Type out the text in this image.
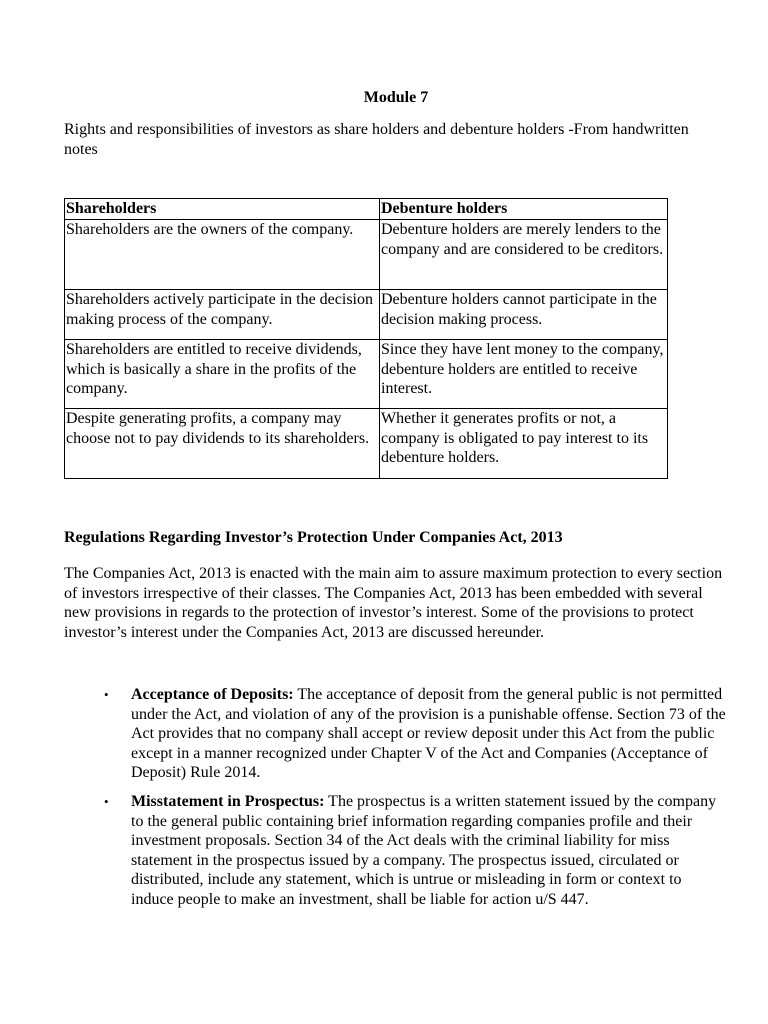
Module 7

Rights and responsibilities of investors as share holders and debenture holders -From handwritten notes

Shareholders	Debenture holders
Shareholders are the owners of the company.	Debenture holders are merely lenders to the company and are considered to be creditors.
Shareholders actively participate in the decision making process of the company.	Debenture holders cannot participate in the decision making process.
Shareholders are entitled to receive dividends, which is basically a share in the profits of the company.	Since they have lent money to the company, debenture holders are entitled to receive interest.
Despite generating profits, a company may choose not to pay dividends to its shareholders.	Whether it generates profits or not, a company is obligated to pay interest to its debenture holders.
Regulations Regarding Investor’s Protection Under Companies Act, 2013

The Companies Act, 2013 is enacted with the main aim to assure maximum protection to every section of investors irrespective of their classes. The Companies Act, 2013 has been embedded with several new provisions in regards to the protection of investor’s interest. Some of the provisions to protect investor’s interest under the Companies Act, 2013 are discussed hereunder.

• Acceptance of Deposits: The acceptance of deposit from the general public is not permitted under the Act, and violation of any of the provision is a punishable offense. Section 73 of the Act provides that no company shall accept or review deposit under this Act from the public except in a manner recognized under Chapter V of the Act and Companies (Acceptance of Deposit) Rule 2014.
• Misstatement in Prospectus: The prospectus is a written statement issued by the company to the general public containing brief information regarding companies profile and their investment proposals. Section 34 of the Act deals with the criminal liability for miss statement in the prospectus issued by a company. The prospectus issued, circulated or distributed, include any statement, which is untrue or misleading in form or context to induce people to make an investment, shall be liable for action u/S 447.
